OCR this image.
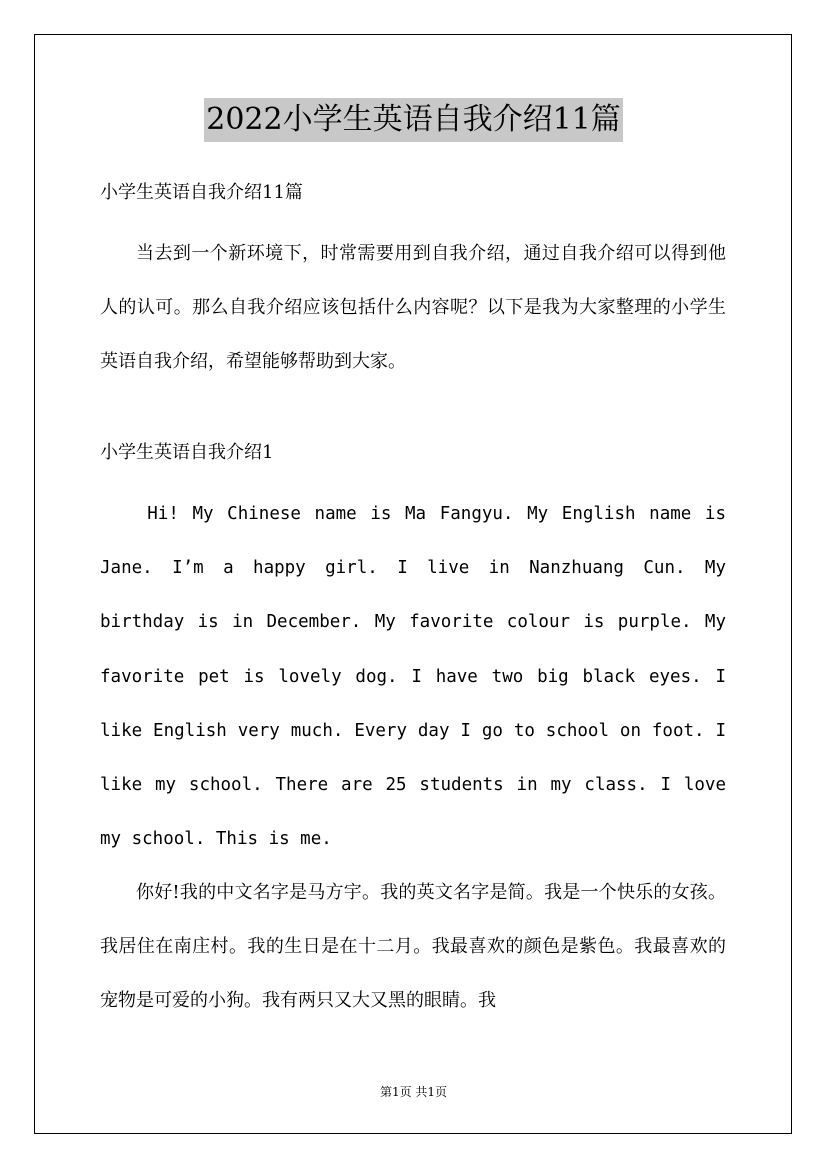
2022小学生英语自我介绍11篇

小学生英语自我介绍11篇

当去到一个新环境下，时常需要用到自我介绍，通过自我介绍可以得到他人的认可。那么自我介绍应该包括什么内容呢？以下是我为大家整理的小学生英语自我介绍，希望能够帮助到大家。

小学生英语自我介绍1

Hi! My Chinese name is Ma Fangyu. My English name is Jane. I’m a happy girl. I live in Nanzhuang Cun. My birthday is in December. My favorite colour is purple. My favorite pet is lovely dog. I have two big black eyes. I like English very much. Every day I go to school on foot. I like my school. There are 25 students in my class. I love my school. This is me.

你好!我的中文名字是马方宇。我的英文名字是简。我是一个快乐的女孩。我居住在南庄村。我的生日是在十二月。我最喜欢的颜色是紫色。我最喜欢的宠物是可爱的小狗。我有两只又大又黑的眼睛。我

第1页 共1页
